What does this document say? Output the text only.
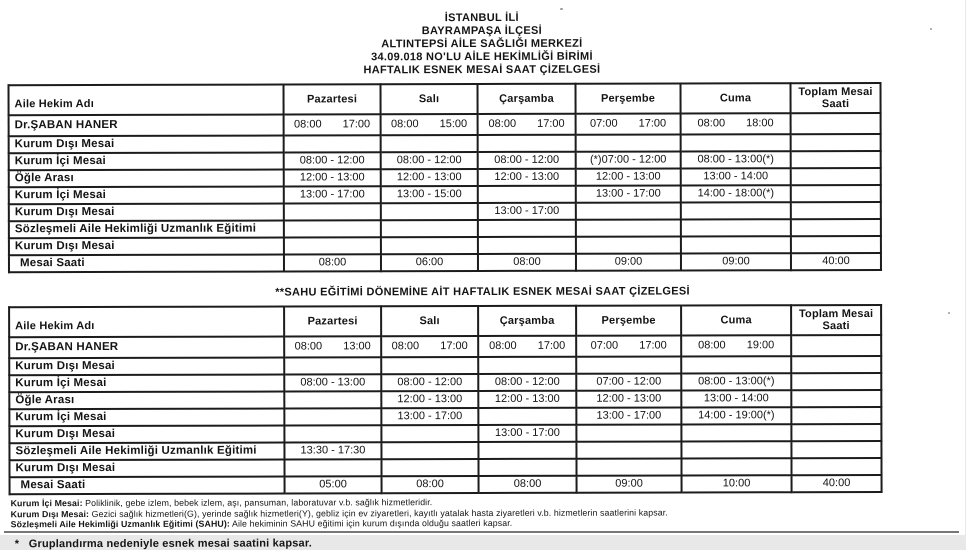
İSTANBUL İLİ
BAYRAMPAŞA İLÇESİ
ALTINTEPSİ AİLE SAĞLIĞI MERKEZİ
34.09.018 NO'LU AİLE HEKİMLİĞİ BİRİMİ
HAFTALIK ESNEK MESAİ SAAT ÇİZELGESİ
Aile Hekim Adı	Pazartesi	Salı	Çarşamba	Perşembe	Cuma	Toplam Mesai Saati
Dr.ŞABAN HANER	08:00 17:00	08:00 15:00	08:00 17:00	07:00 17:00	08:00 18:00	
Kurum Dışı Mesai						
Kurum İçi Mesai	08:00 - 12:00	08:00 - 12:00	08:00 - 12:00	(*)07:00 - 12:00	08:00 - 13:00(*)	
Öğle Arası	12:00 - 13:00	12:00 - 13:00	12:00 - 13:00	12:00 - 13:00	13:00 - 14:00	
Kurum İçi Mesai	13:00 - 17:00	13:00 - 15:00		13:00 - 17:00	14:00 - 18:00(*)	
Kurum Dışı Mesai			13:00 - 17:00			
Sözleşmeli Aile Hekimliği Uzmanlık Eğitimi						
Kurum Dışı Mesai						
Mesai Saati	08:00	06:00	08:00	09:00	09:00	40:00
**SAHU EĞİTİMİ DÖNEMİNE AİT HAFTALIK ESNEK MESAİ SAAT ÇİZELGESİ
Aile Hekim Adı	Pazartesi	Salı	Çarşamba	Perşembe	Cuma	Toplam Mesai Saati
Dr.ŞABAN HANER	08:00 13:00	08:00 17:00	08:00 17:00	07:00 17:00	08:00 19:00	
Kurum Dışı Mesai						
Kurum İçi Mesai	08:00 - 13:00	08:00 - 12:00	08:00 - 12:00	07:00 - 12:00	08:00 - 13:00(*)	
Öğle Arası		12:00 - 13:00	12:00 - 13:00	12:00 - 13:00	13:00 - 14:00	
Kurum İçi Mesai		13:00 - 17:00		13:00 - 17:00	14:00 - 19:00(*)	
Kurum Dışı Mesai			13:00 - 17:00			
Sözleşmeli Aile Hekimliği Uzmanlık Eğitimi	13:30 - 17:30					
Kurum Dışı Mesai						
Mesai Saati	05:00	08:00	08:00	09:00	10:00	40:00
Kurum İçi Mesai: Poliklinik, gebe izlem, bebek izlem, aşı, pansuman, laboratuvar v.b. sağlık hizmetleridir.
Kurum Dışı Mesai: Gezici sağlık hizmetleri(G), yerinde sağlık hizmetleri(Y), gebliz için ev ziyaretleri, kayıtlı yatalak hasta ziyaretleri v.b. hizmetlerin saatlerini kapsar.
Sözleşmeli Aile Hekimliği Uzmanlık Eğitimi (SAHU): Aile hekiminin SAHU eğitimi için kurum dışında olduğu saatleri kapsar.
* Gruplandırma nedeniyle esnek mesai saatini kapsar.
